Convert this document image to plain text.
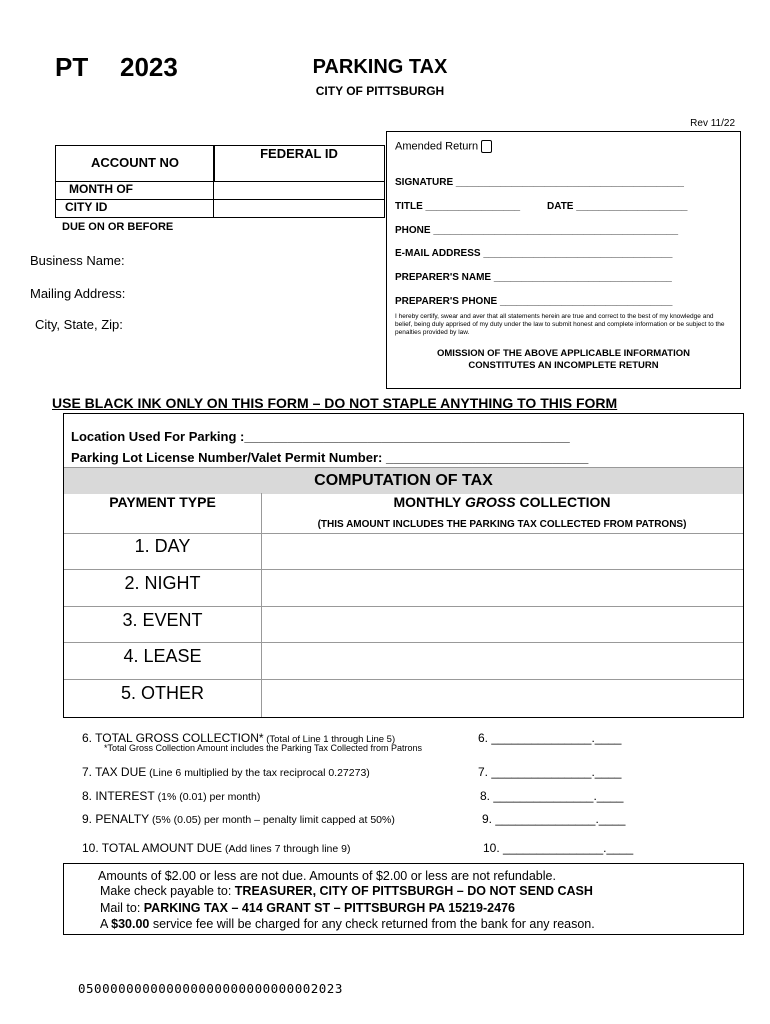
PT 2023	PARKING TAX
CITY OF PITTSBURGH
Rev 11/22
ACCOUNT NO
FEDERAL ID
MONTH OF
CITY ID
DUE ON OR BEFORE
Business Name:
Mailing Address:
City, State, Zip:
Amended Return
SIGNATURE _________________________________________
TITLE _________________	DATE ____________________
PHONE ____________________________________________
E-MAIL ADDRESS __________________________________
PREPARER'S NAME ________________________________
PREPARER'S PHONE _______________________________
I hereby certify, swear and aver that all statements herein are true and correct to the best of my knowledge and belief, being duly apprised of my duty under the law to submit honest and complete information or be subject to the penalties provided by law.
OMISSION OF THE ABOVE APPLICABLE INFORMATION
CONSTITUTES AN INCOMPLETE RETURN
USE BLACK INK ONLY ON THIS FORM – DO NOT STAPLE ANYTHING TO THIS FORM
Location Used For Parking :_____________________________________________
Parking Lot License Number/Valet Permit Number: ____________________________
COMPUTATION OF TAX
PAYMENT TYPE	MONTHLY GROSS COLLECTION
(THIS AMOUNT INCLUDES THE PARKING TAX COLLECTED FROM PATRONS)
1. DAY
2. NIGHT
3. EVENT
4. LEASE
5. OTHER
6. TOTAL GROSS COLLECTION* (Total of Line 1 through Line 5)
*Total Gross Collection Amount includes the Parking Tax Collected from Patrons
6. _______________.____
7. TAX DUE (Line 6 multiplied by the tax reciprocal 0.27273)	7. _______________.____
8. INTEREST (1% (0.01) per month)	8. _______________.____
9. PENALTY (5% (0.05) per month – penalty limit capped at 50%)	9. _______________.____
10. TOTAL AMOUNT DUE (Add lines 7 through line 9)	10. _______________.____
Amounts of $2.00 or less are not due. Amounts of $2.00 or less are not refundable.
Make check payable to: TREASURER, CITY OF PITTSBURGH – DO NOT SEND CASH
Mail to: PARKING TAX – 414 GRANT ST – PITTSBURGH PA 15219-2476
A $30.00 service fee will be charged for any check returned from the bank for any reason.
050000000000000000000000000002023
